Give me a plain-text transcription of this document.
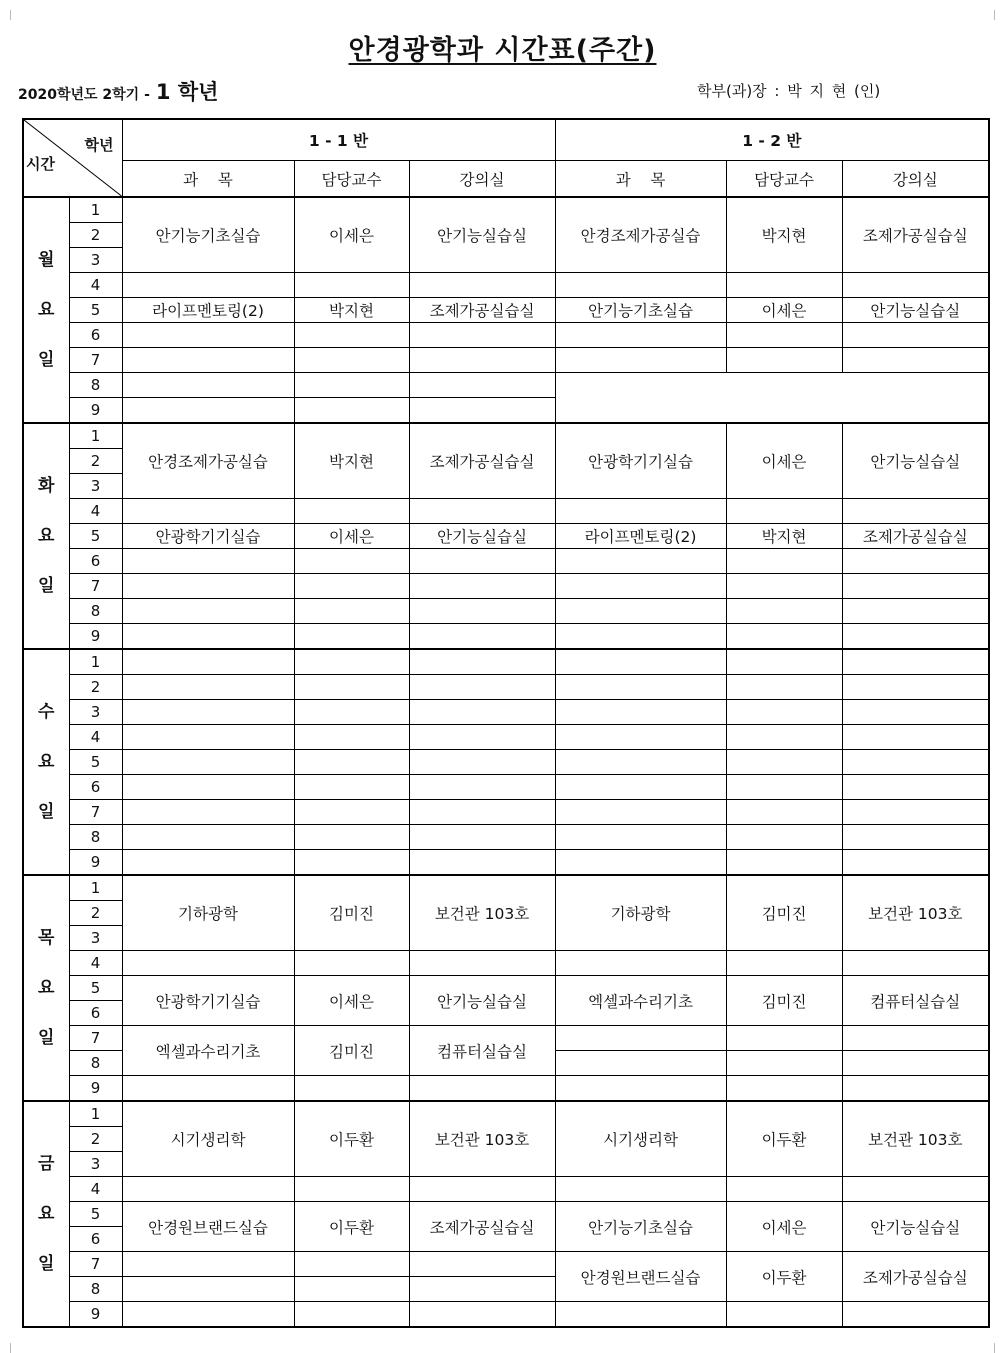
안경광학과 시간표(주간)
2020학년도 2학기 - 1 학년	학부(과)장 : 박 지 현 (인)
학년
시간		1 - 1 반			1 - 2 반		
		과    목	담당교수	강의실	과    목	담당교수	강의실

월
요
일	1	안기능기초실습	이세은	안기능실습실	안경조제가공실습	박지현	조제가공실습실
	2						
	3						
	4						
	5	라이프멘토링(2)	박지현	조제가공실습실	안기능기초실습	이세은	안기능실습실
	6						
	7						
	8						
	9						

화
요
일	1	안경조제가공실습	박지현	조제가공실습실	안광학기기실습	이세은	안기능실습실
	2						
	3						
	4						
	5	안광학기기실습	이세은	안기능실습실	라이프멘토링(2)	박지현	조제가공실습실
	6						
	7						
	8						
	9						

수
요
일	1						
	2						
	3						
	4						
	5						
	6						
	7						
	8						
	9						

목
요
일	1	기하광학	김미진	보건관 103호	기하광학	김미진	보건관 103호
	2						
	3						
	4						
	5	안광학기기실습	이세은	안기능실습실	엑셀과수리기초	김미진	컴퓨터실습실
	6						
	7	엑셀과수리기초	김미진	컴퓨터실습실			
	8						
	9						

금
요
일	1	시기생리학	이두환	보건관 103호	시기생리학	이두환	보건관 103호
	2						
	3						
	4						
	5	안경원브랜드실습	이두환	조제가공실습실	안기능기초실습	이세은	안기능실습실
	6						
	7				안경원브랜드실습	이두환	조제가공실습실
	8						
	9						
